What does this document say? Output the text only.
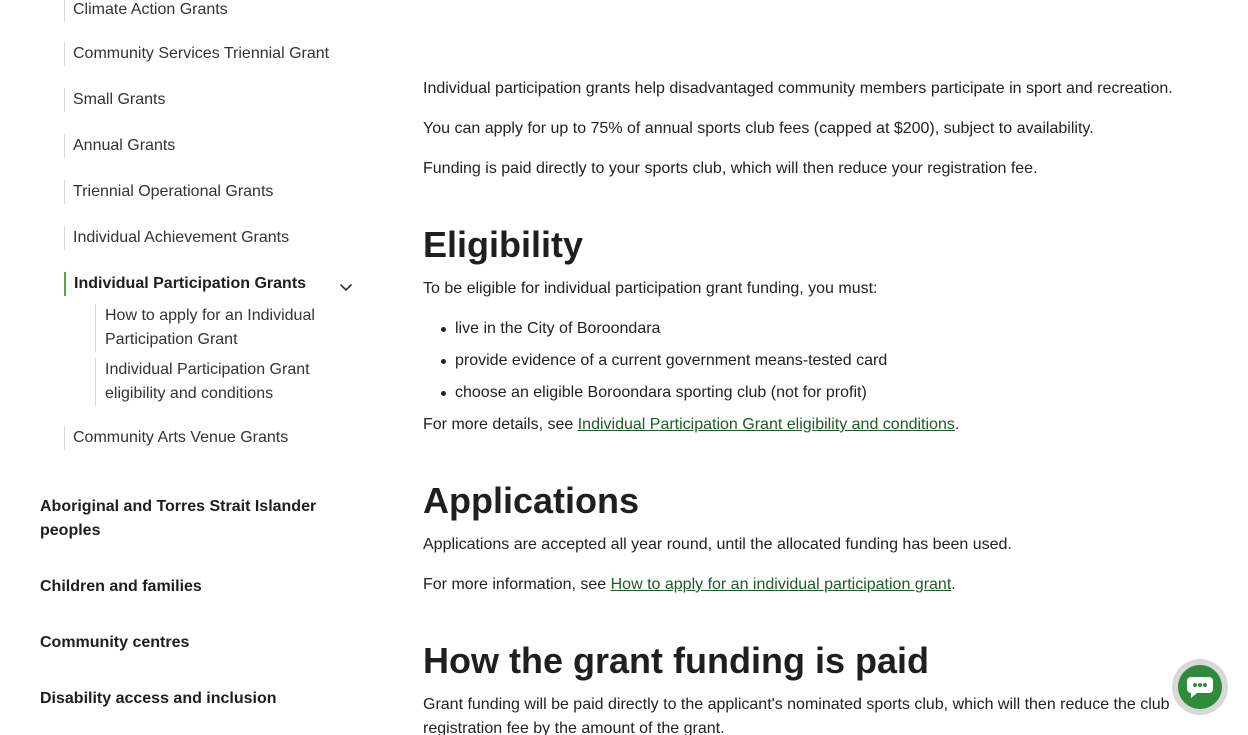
Climate Action Grants
Community Services Triennial Grant
Small Grants
Annual Grants
Triennial Operational Grants
Individual Achievement Grants
Individual Participation Grants
How to apply for an Individual Participation Grant
Individual Participation Grant eligibility and conditions
Community Arts Venue Grants
Aboriginal and Torres Strait Islander peoples
Children and families
Community centres
Disability access and inclusion

Individual participation grants help disadvantaged community members participate in sport and recreation.

You can apply for up to 75% of annual sports club fees (capped at $200), subject to availability.

Funding is paid directly to your sports club, which will then reduce your registration fee.

Eligibility

To be eligible for individual participation grant funding, you must:

live in the City of Boroondara
provide evidence of a current government means-tested card
choose an eligible Boroondara sporting club (not for profit)

For more details, see Individual Participation Grant eligibility and conditions.

Applications

Applications are accepted all year round, until the allocated funding has been used.

For more information, see How to apply for an individual participation grant.

How the grant funding is paid

Grant funding will be paid directly to the applicant's nominated sports club, which will then reduce the club registration fee by the amount of the grant.
